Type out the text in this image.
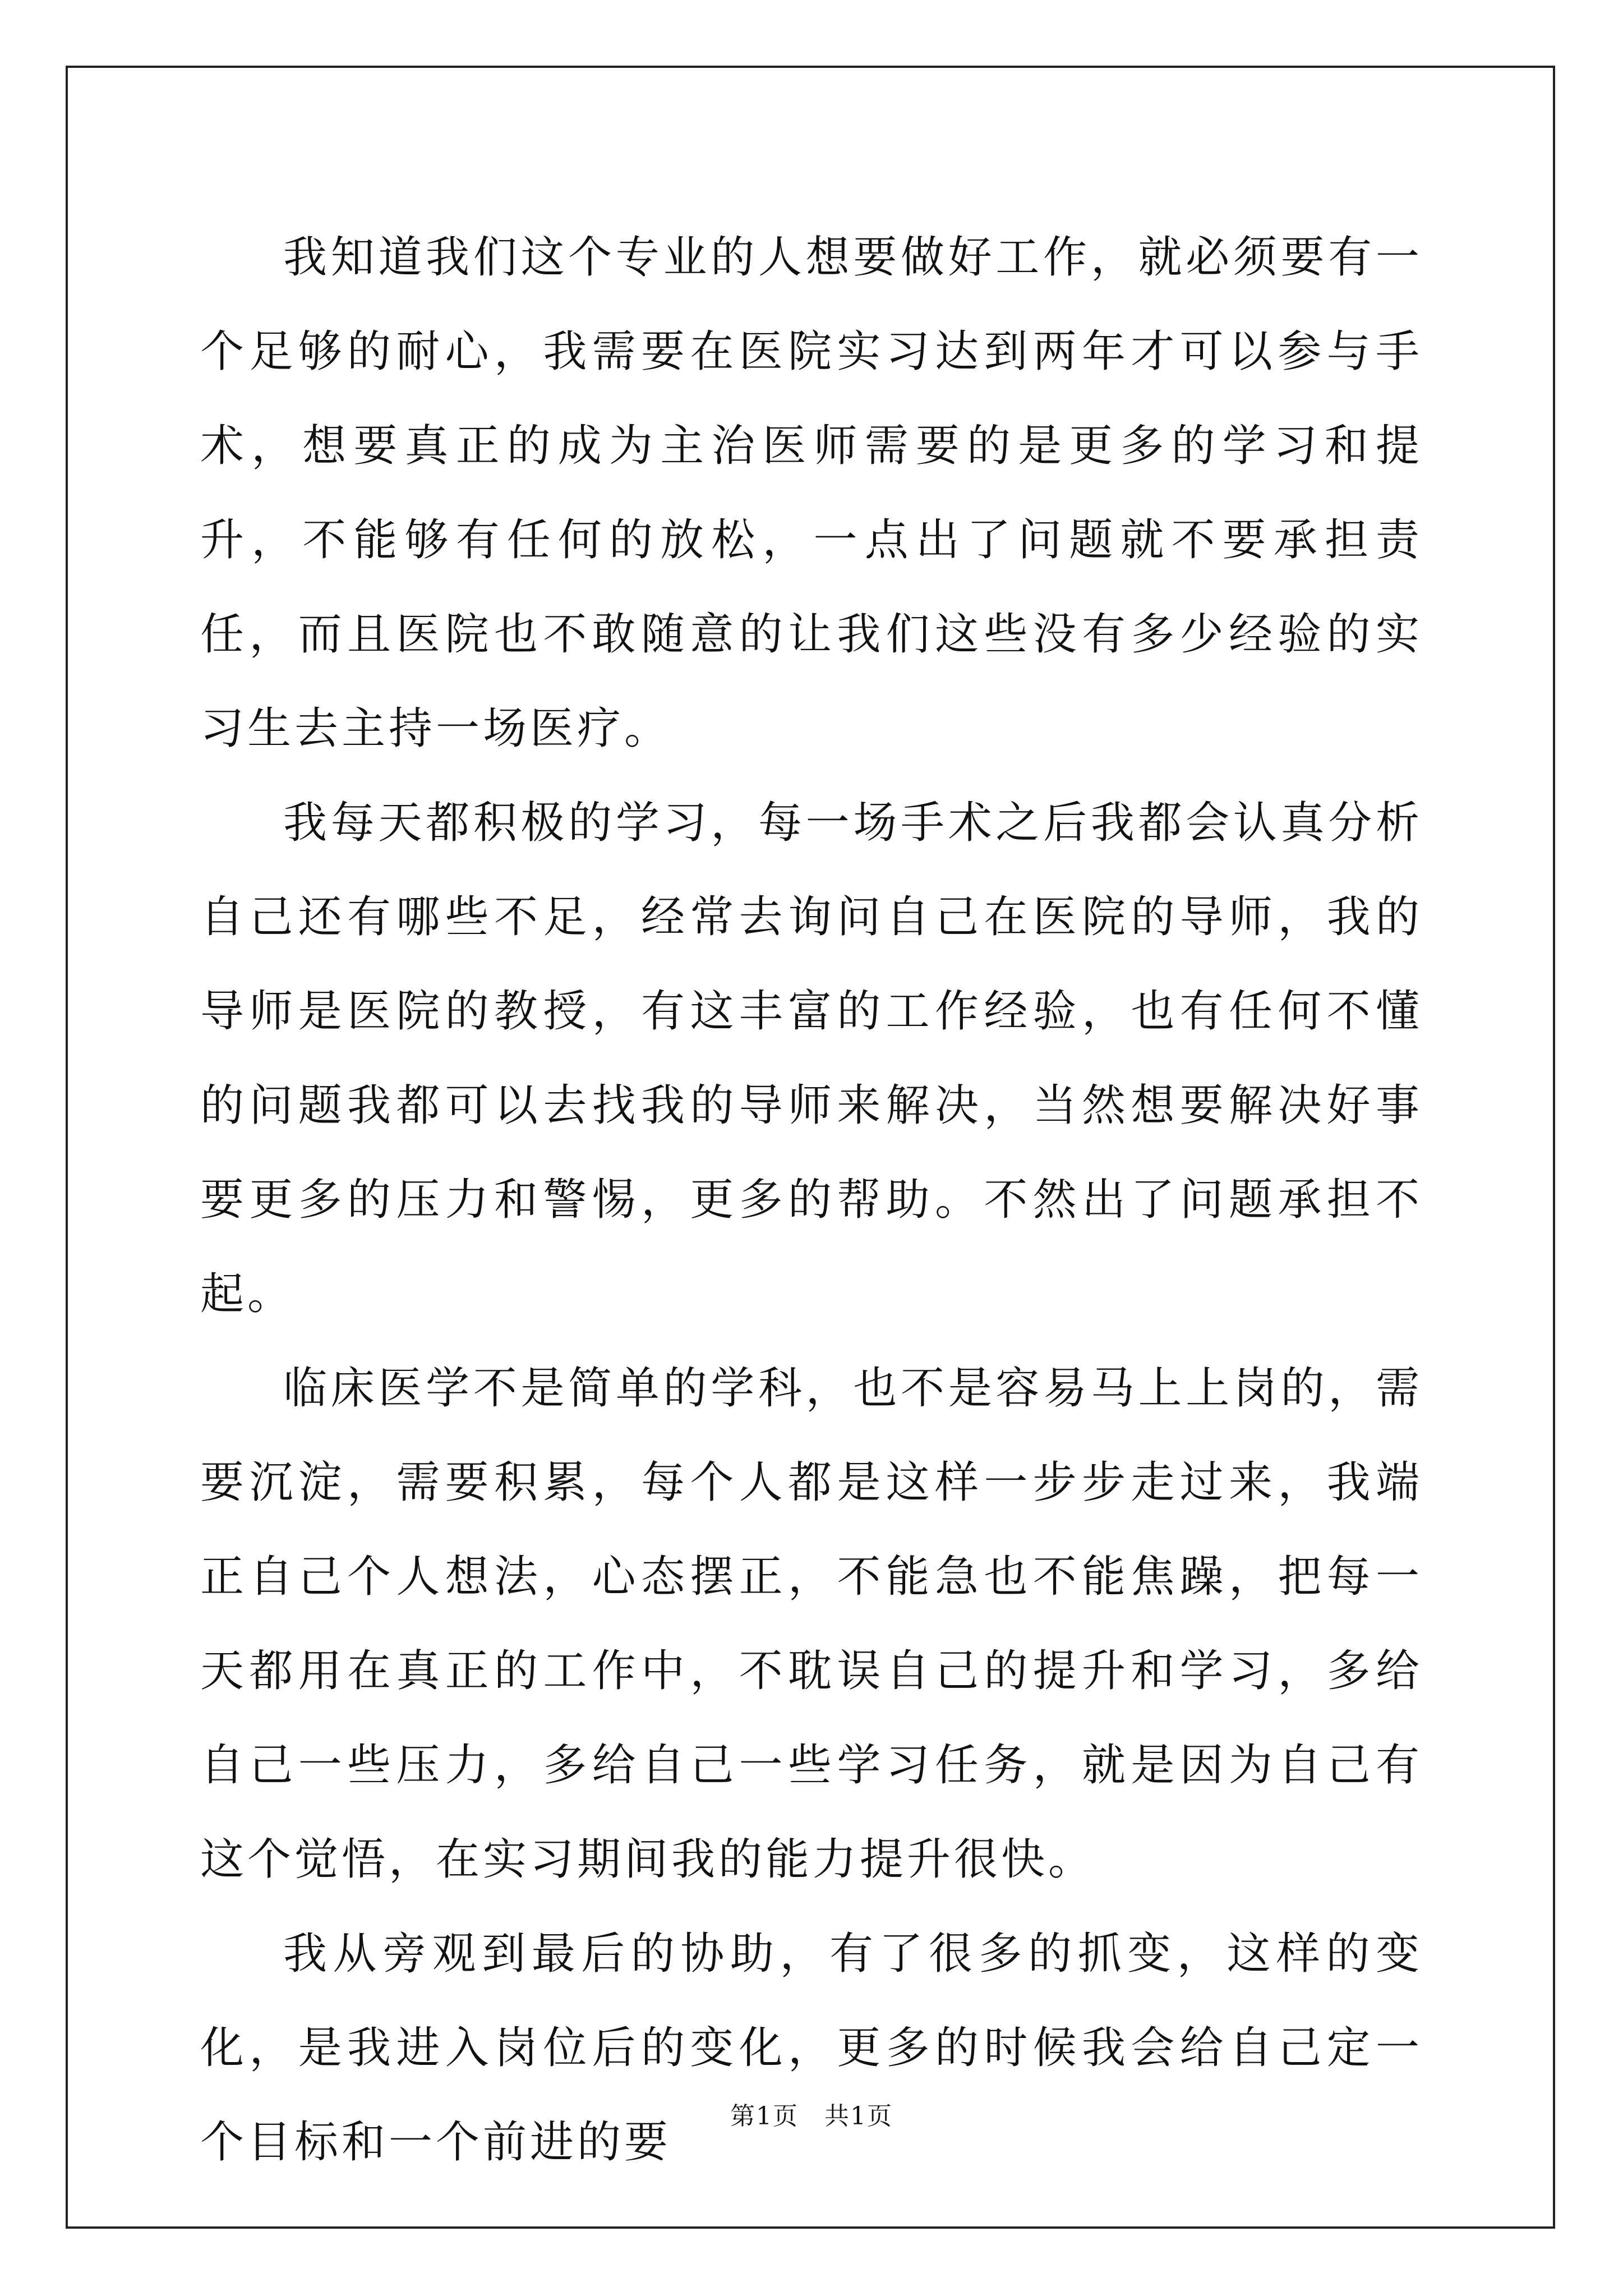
我知道我们这个专业的人想要做好工作，就必须要有一个足够的耐心，我需要在医院实习达到两年才可以参与手术，想要真正的成为主治医师需要的是更多的学习和提升，不能够有任何的放松，一点出了问题就不要承担责任，而且医院也不敢随意的让我们这些没有多少经验的实习生去主持一场医疗。

我每天都积极的学习，每一场手术之后我都会认真分析自己还有哪些不足，经常去询问自己在医院的导师，我的导师是医院的教授，有这丰富的工作经验，也有任何不懂的问题我都可以去找我的导师来解决，当然想要解决好事要更多的压力和警惕，更多的帮助。不然出了问题承担不起。

临床医学不是简单的学科，也不是容易马上上岗的，需要沉淀，需要积累，每个人都是这样一步步走过来，我端正自己个人想法，心态摆正，不能急也不能焦躁，把每一天都用在真正的工作中，不耽误自己的提升和学习，多给自己一些压力，多给自己一些学习任务，就是因为自己有这个觉悟，在实习期间我的能力提升很快。

我从旁观到最后的协助，有了很多的抓变，这样的变化，是我进入岗位后的变化，更多的时候我会给自己定一个目标和一个前进的要

第1页　共1页
